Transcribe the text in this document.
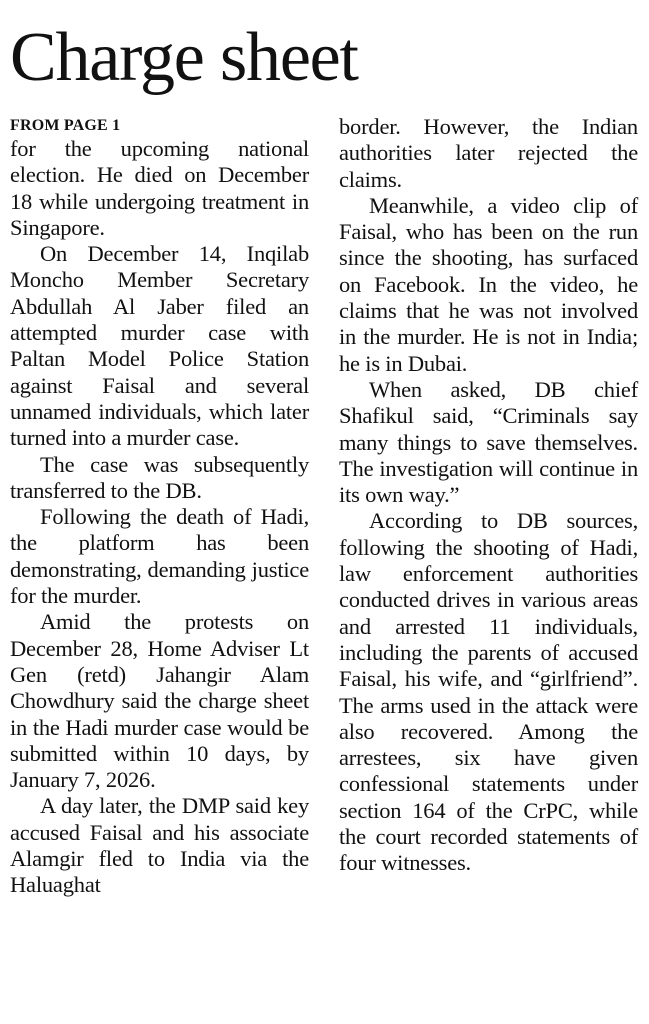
Charge sheet
FROM PAGE 1

for the upcoming national election. He died on December 18 while undergoing treatment in Singapore.

On December 14, Inqilab Moncho Member Secretary Abdullah Al Jaber filed an attempted murder case with Paltan Model Police Station against Faisal and several unnamed individuals, which later turned into a murder case.

The case was subsequently transferred to the DB.

Following the death of Hadi, the platform has been demonstrating, demanding justice for the murder.

Amid the protests on December 28, Home Adviser Lt Gen (retd) Jahangir Alam Chowdhury said the charge sheet in the Hadi murder case would be submitted within 10 days, by January 7, 2026.

A day later, the DMP said key accused Faisal and his associate Alamgir fled to India via the Haluaghat

border. However, the Indian authorities later rejected the claims.

Meanwhile, a video clip of Faisal, who has been on the run since the shooting, has surfaced on Facebook. In the video, he claims that he was not involved in the murder. He is not in India; he is in Dubai.

When asked, DB chief Shafikul said, “Criminals say many things to save themselves. The investigation will continue in its own way.”

According to DB sources, following the shooting of Hadi, law enforcement authorities conducted drives in various areas and arrested 11 individuals, including the parents of accused Faisal, his wife, and “girlfriend”. The arms used in the attack were also recovered. Among the arrestees, six have given confessional statements under section 164 of the CrPC, while the court recorded statements of four witnesses.
